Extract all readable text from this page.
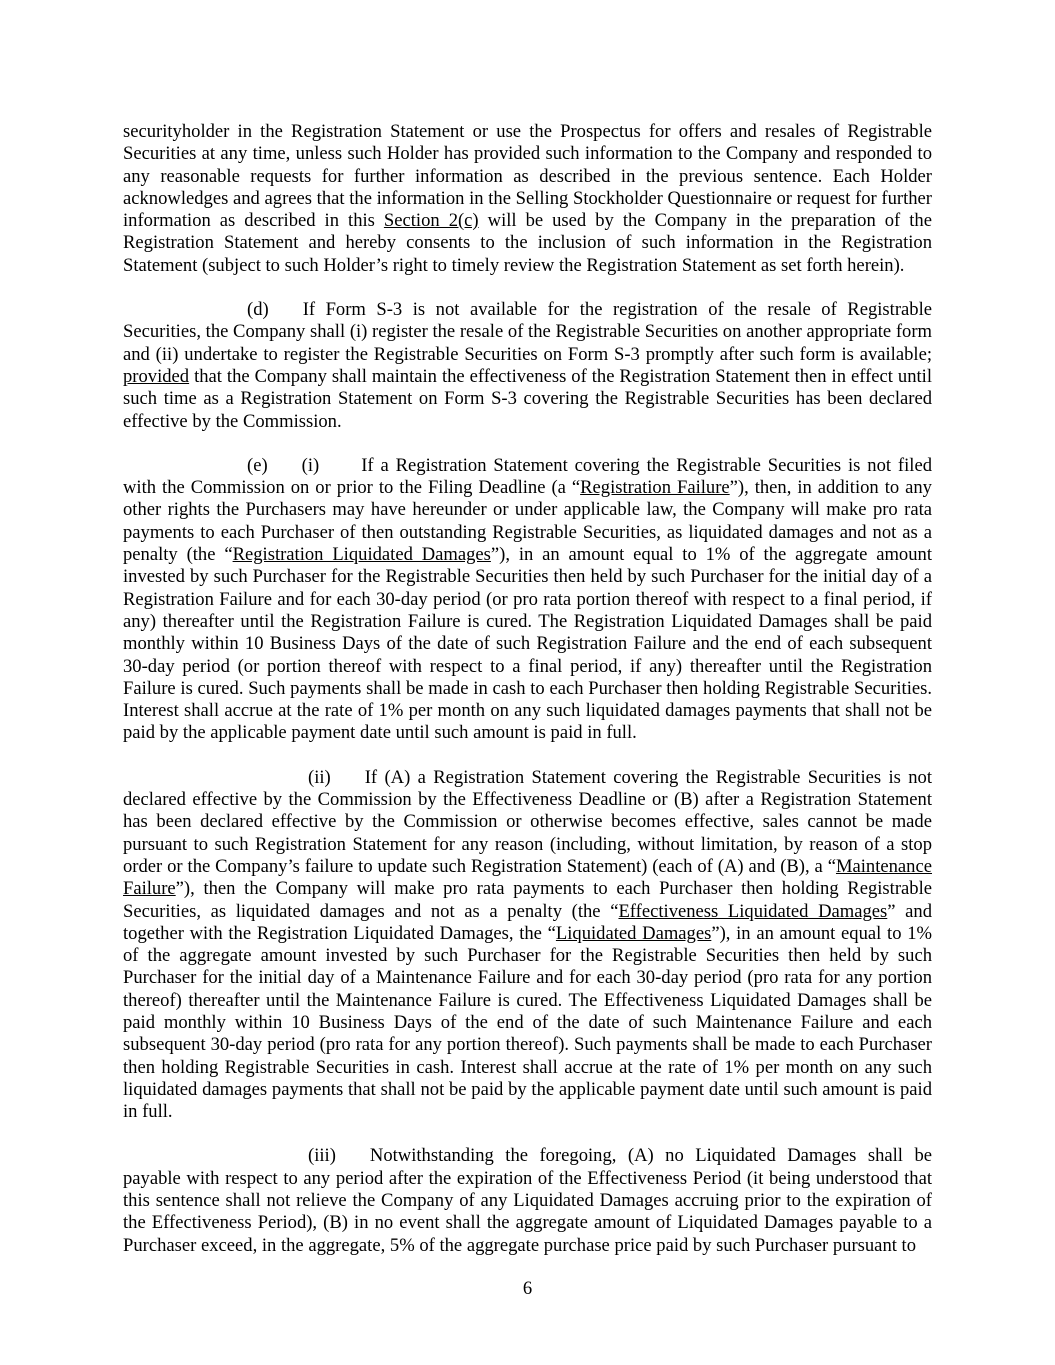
securityholder in the Registration Statement or use the Prospectus for offers and resales of Registrable Securities at any time, unless such Holder has provided such information to the Company and responded to any reasonable requests for further information as described in the previous sentence. Each Holder acknowledges and agrees that the information in the Selling Stockholder Questionnaire or request for further information as described in this Section 2(c) will be used by the Company in the preparation of the Registration Statement and hereby consents to the inclusion of such information in the Registration Statement (subject to such Holder’s right to timely review the Registration Statement as set forth herein).

(d) If Form S-3 is not available for the registration of the resale of Registrable Securities, the Company shall (i) register the resale of the Registrable Securities on another appropriate form and (ii) undertake to register the Registrable Securities on Form S-3 promptly after such form is available; provided that the Company shall maintain the effectiveness of the Registration Statement then in effect until such time as a Registration Statement on Form S-3 covering the Registrable Securities has been declared effective by the Commission.

(e) (i) If a Registration Statement covering the Registrable Securities is not filed with the Commission on or prior to the Filing Deadline (a “Registration Failure”), then, in addition to any other rights the Purchasers may have hereunder or under applicable law, the Company will make pro rata payments to each Purchaser of then outstanding Registrable Securities, as liquidated damages and not as a penalty (the “Registration Liquidated Damages”), in an amount equal to 1% of the aggregate amount invested by such Purchaser for the Registrable Securities then held by such Purchaser for the initial day of a Registration Failure and for each 30-day period (or pro rata portion thereof with respect to a final period, if any) thereafter until the Registration Failure is cured. The Registration Liquidated Damages shall be paid monthly within 10 Business Days of the date of such Registration Failure and the end of each subsequent 30-day period (or portion thereof with respect to a final period, if any) thereafter until the Registration Failure is cured. Such payments shall be made in cash to each Purchaser then holding Registrable Securities. Interest shall accrue at the rate of 1% per month on any such liquidated damages payments that shall not be paid by the applicable payment date until such amount is paid in full.

(ii) If (A) a Registration Statement covering the Registrable Securities is not declared effective by the Commission by the Effectiveness Deadline or (B) after a Registration Statement has been declared effective by the Commission or otherwise becomes effective, sales cannot be made pursuant to such Registration Statement for any reason (including, without limitation, by reason of a stop order or the Company’s failure to update such Registration Statement) (each of (A) and (B), a “Maintenance Failure”), then the Company will make pro rata payments to each Purchaser then holding Registrable Securities, as liquidated damages and not as a penalty (the “Effectiveness Liquidated Damages” and together with the Registration Liquidated Damages, the “Liquidated Damages”), in an amount equal to 1% of the aggregate amount invested by such Purchaser for the Registrable Securities then held by such Purchaser for the initial day of a Maintenance Failure and for each 30-day period (pro rata for any portion thereof) thereafter until the Maintenance Failure is cured. The Effectiveness Liquidated Damages shall be paid monthly within 10 Business Days of the end of the date of such Maintenance Failure and each subsequent 30-day period (pro rata for any portion thereof). Such payments shall be made to each Purchaser then holding Registrable Securities in cash. Interest shall accrue at the rate of 1% per month on any such liquidated damages payments that shall not be paid by the applicable payment date until such amount is paid in full.

(iii) Notwithstanding the foregoing, (A) no Liquidated Damages shall be payable with respect to any period after the expiration of the Effectiveness Period (it being understood that this sentence shall not relieve the Company of any Liquidated Damages accruing prior to the expiration of the Effectiveness Period), (B) in no event shall the aggregate amount of Liquidated Damages payable to a Purchaser exceed, in the aggregate, 5% of the aggregate purchase price paid by such Purchaser pursuant to

6
